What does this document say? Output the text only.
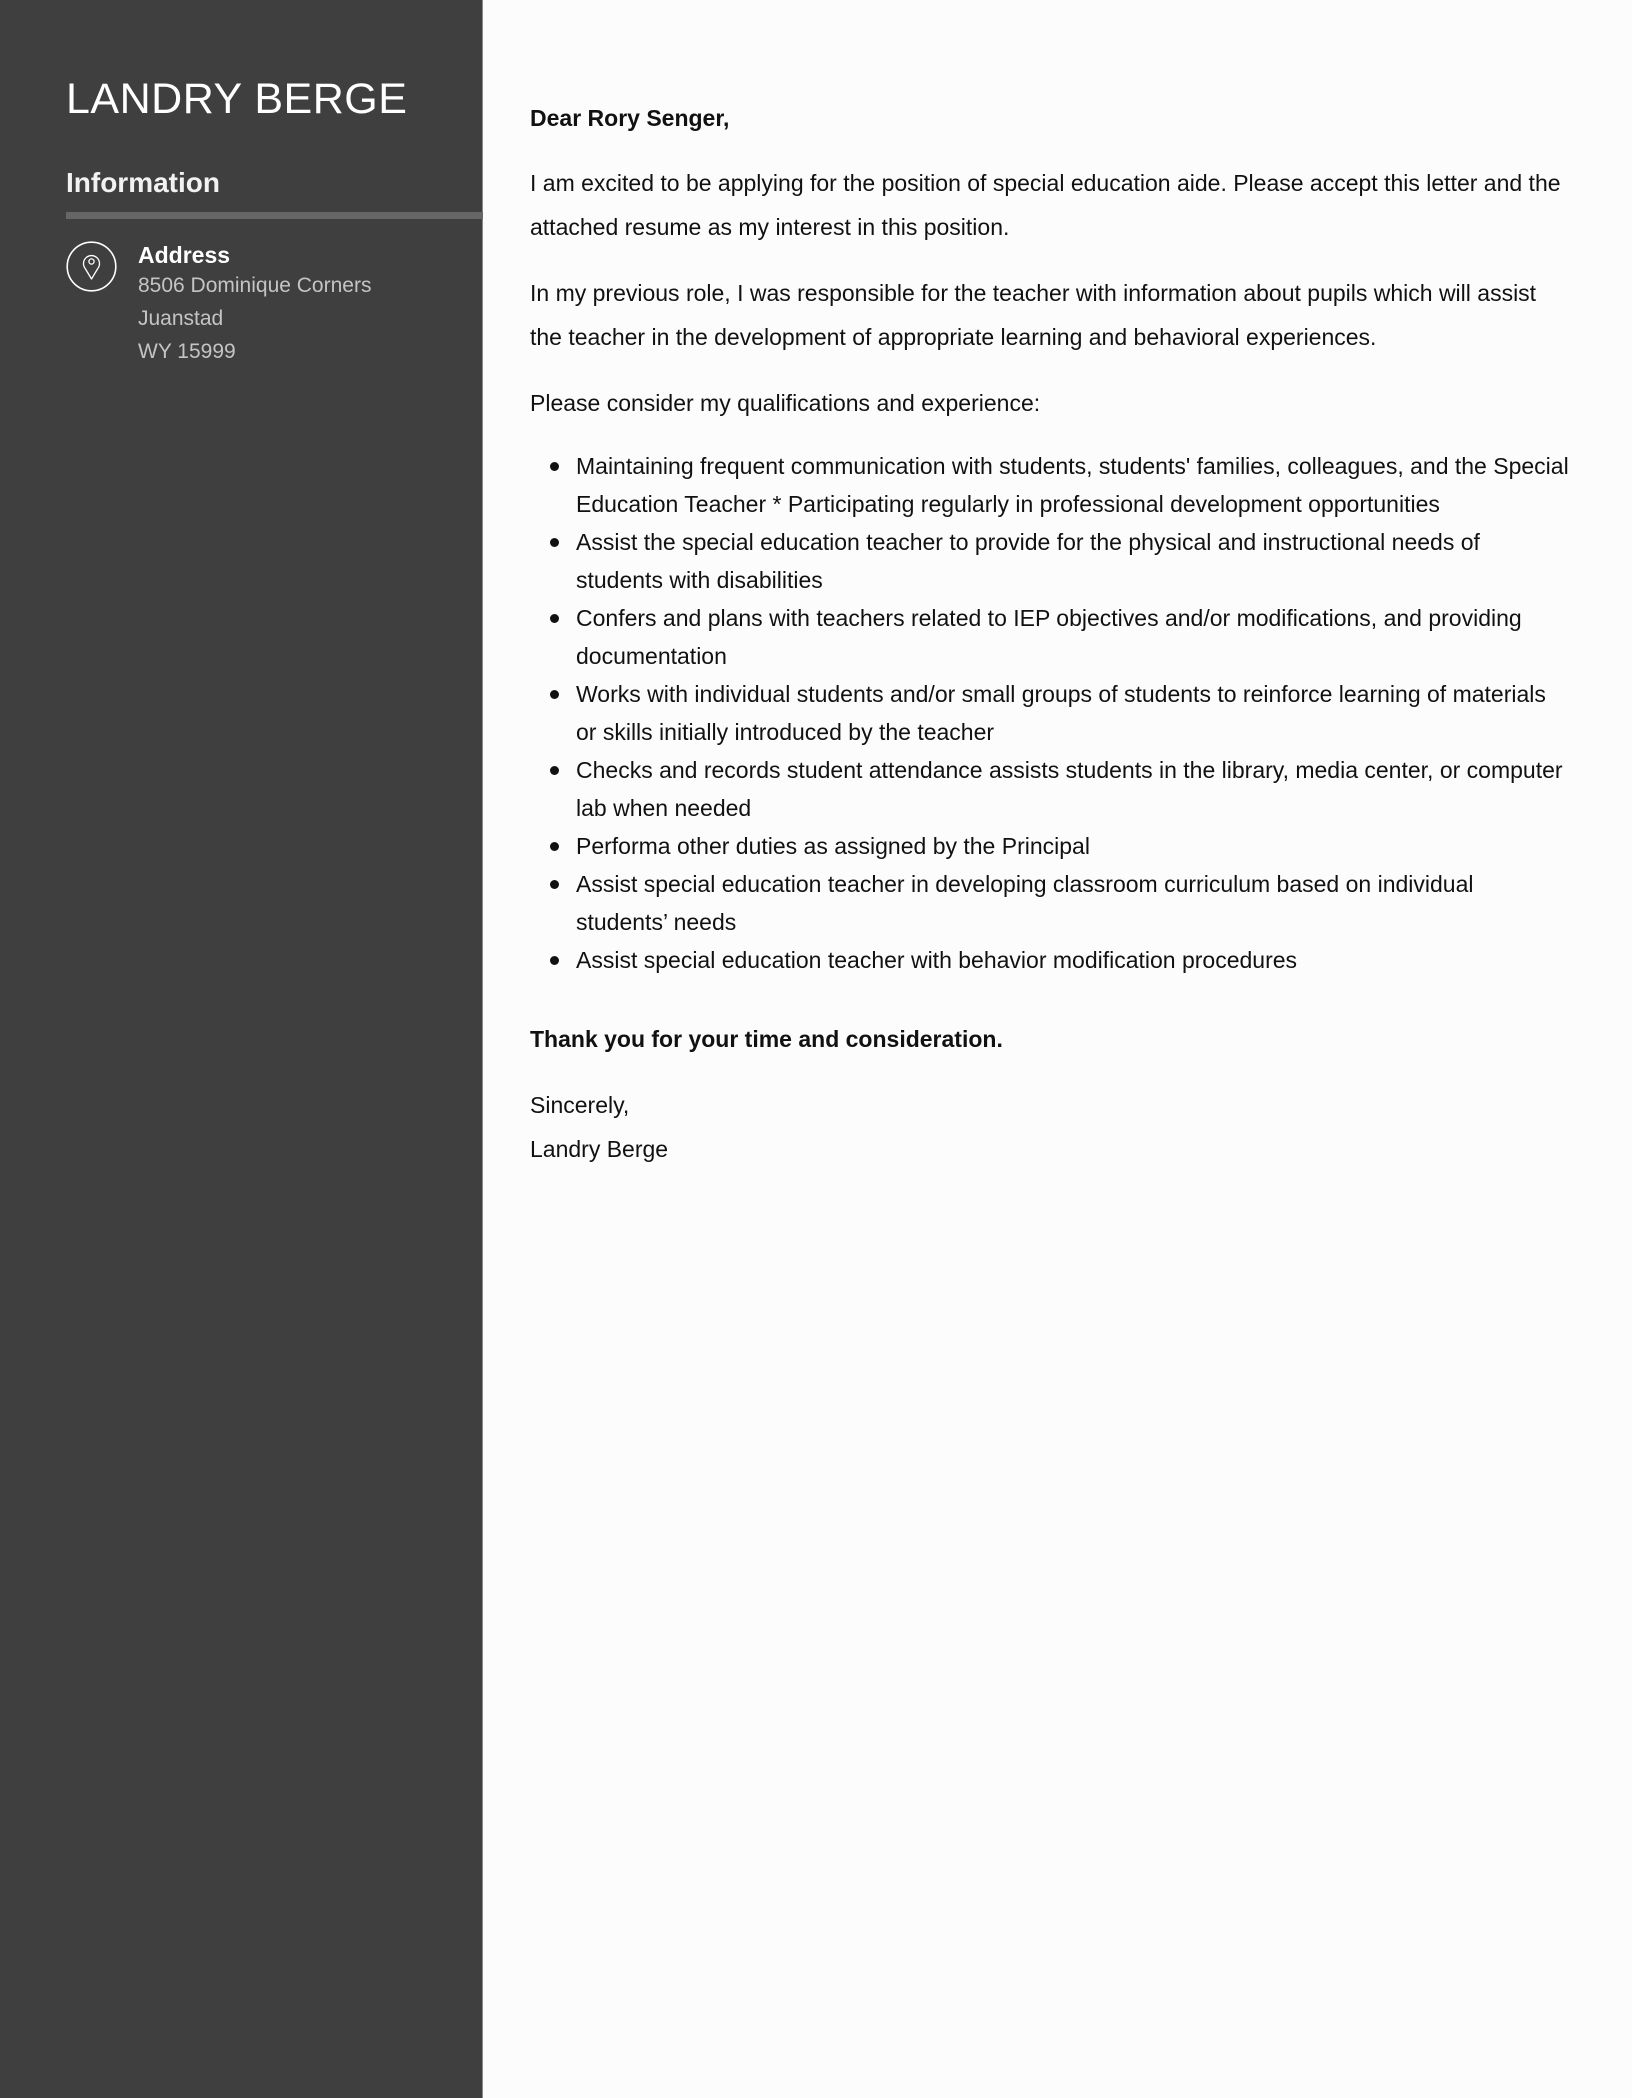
LANDRY BERGE
Information
Address
8506 Dominique Corners
Juanstad
WY 15999

Dear Rory Senger,

I am excited to be applying for the position of special education aide. Please accept this letter and the attached resume as my interest in this position.

In my previous role, I was responsible for the teacher with information about pupils which will assist the teacher in the development of appropriate learning and behavioral experiences.

Please consider my qualifications and experience:

Maintaining frequent communication with students, students' families, colleagues, and the Special Education Teacher * Participating regularly in professional development opportunities
Assist the special education teacher to provide for the physical and instructional needs of students with disabilities
Confers and plans with teachers related to IEP objectives and/or modifications, and providing documentation
Works with individual students and/or small groups of students to reinforce learning of materials or skills initially introduced by the teacher
Checks and records student attendance assists students in the library, media center, or computer lab when needed
Performa other duties as assigned by the Principal
Assist special education teacher in developing classroom curriculum based on individual students’ needs
Assist special education teacher with behavior modification procedures

Thank you for your time and consideration.

Sincerely,

Landry Berge
